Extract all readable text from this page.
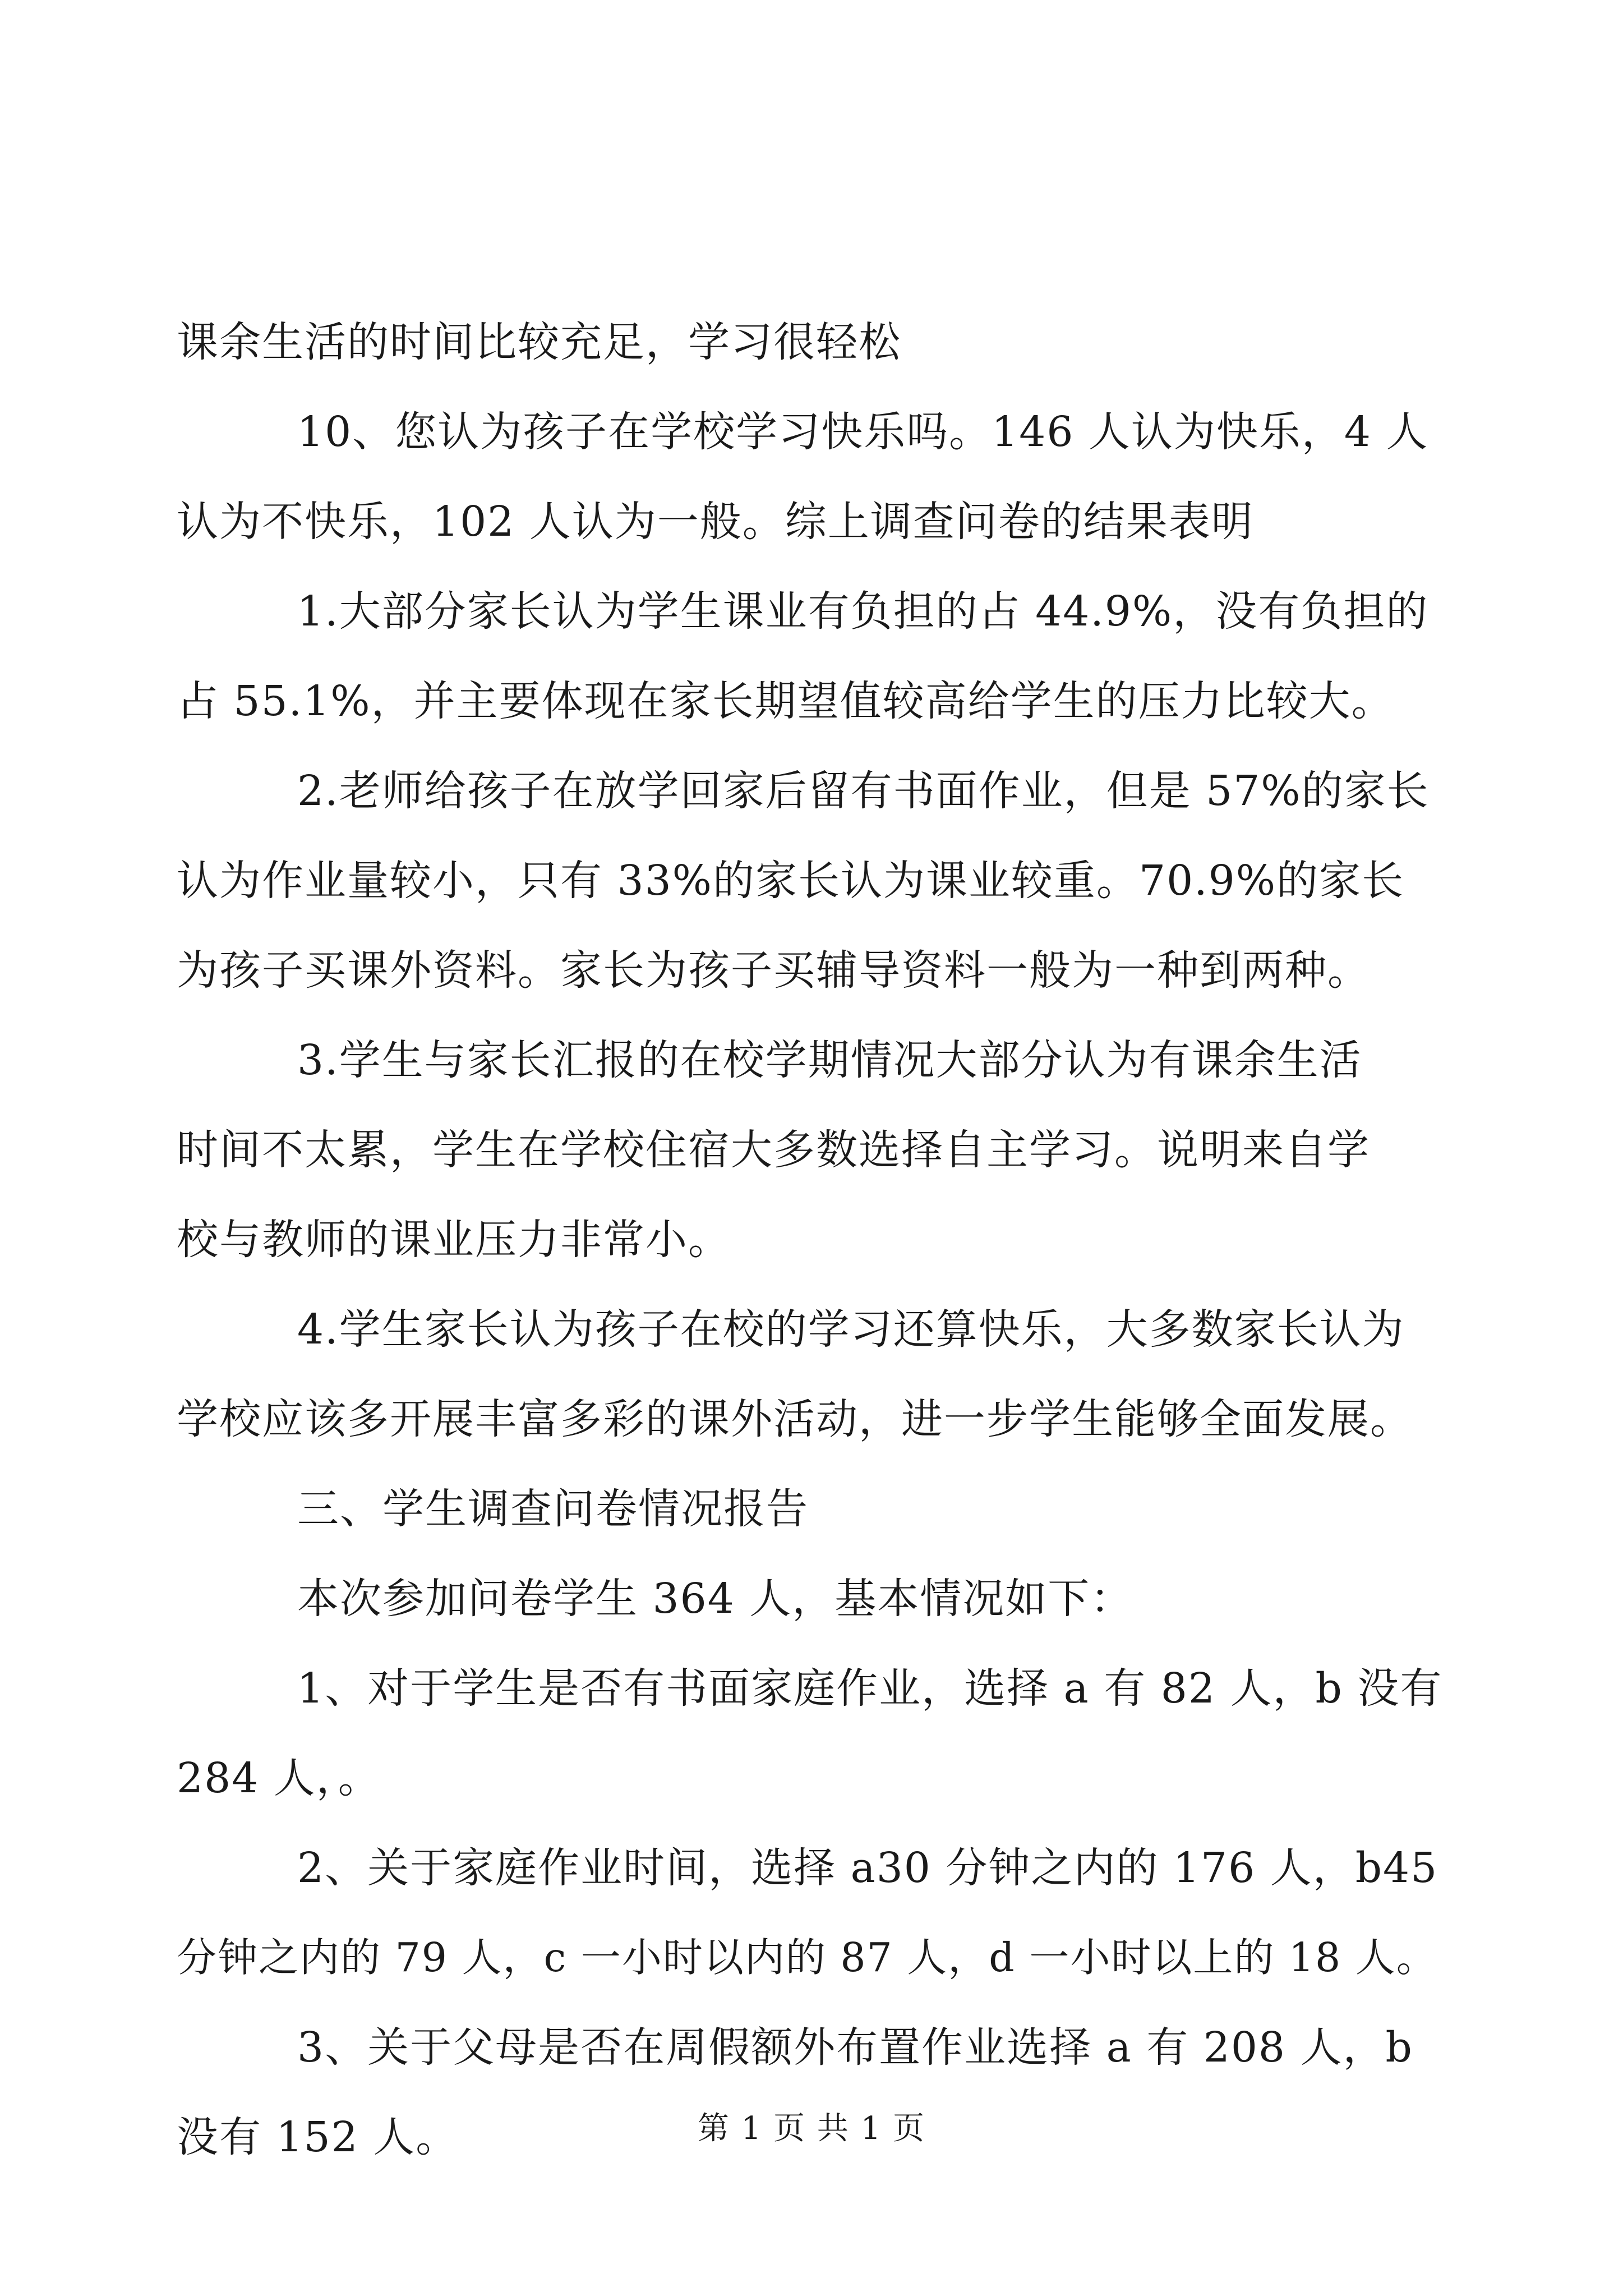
课余生活的时间比较充足，学习很轻松

10、您认为孩子在学校学习快乐吗。146 人认为快乐，4 人

认为不快乐，102 人认为一般。综上调查问卷的结果表明

1.大部分家长认为学生课业有负担的占 44.9%，没有负担的

占 55.1%，并主要体现在家长期望值较高给学生的压力比较大。

2.老师给孩子在放学回家后留有书面作业，但是 57%的家长

认为作业量较小，只有 33%的家长认为课业较重。70.9%的家长

为孩子买课外资料。家长为孩子买辅导资料一般为一种到两种。

3.学生与家长汇报的在校学期情况大部分认为有课余生活

时间不太累，学生在学校住宿大多数选择自主学习。说明来自学

校与教师的课业压力非常小。

4.学生家长认为孩子在校的学习还算快乐，大多数家长认为

学校应该多开展丰富多彩的课外活动，进一步学生能够全面发展。

三、学生调查问卷情况报告

本次参加问卷学生 364 人，基本情况如下：

1、对于学生是否有书面家庭作业，选择 a 有 82 人，b 没有

284 人，。

2、关于家庭作业时间，选择 a30 分钟之内的 176 人，b45

分钟之内的 79 人，c 一小时以内的 87 人，d 一小时以上的 18 人。

3、关于父母是否在周假额外布置作业选择 a 有 208 人，b

没有 152 人。	第 1 页 共 1 页
